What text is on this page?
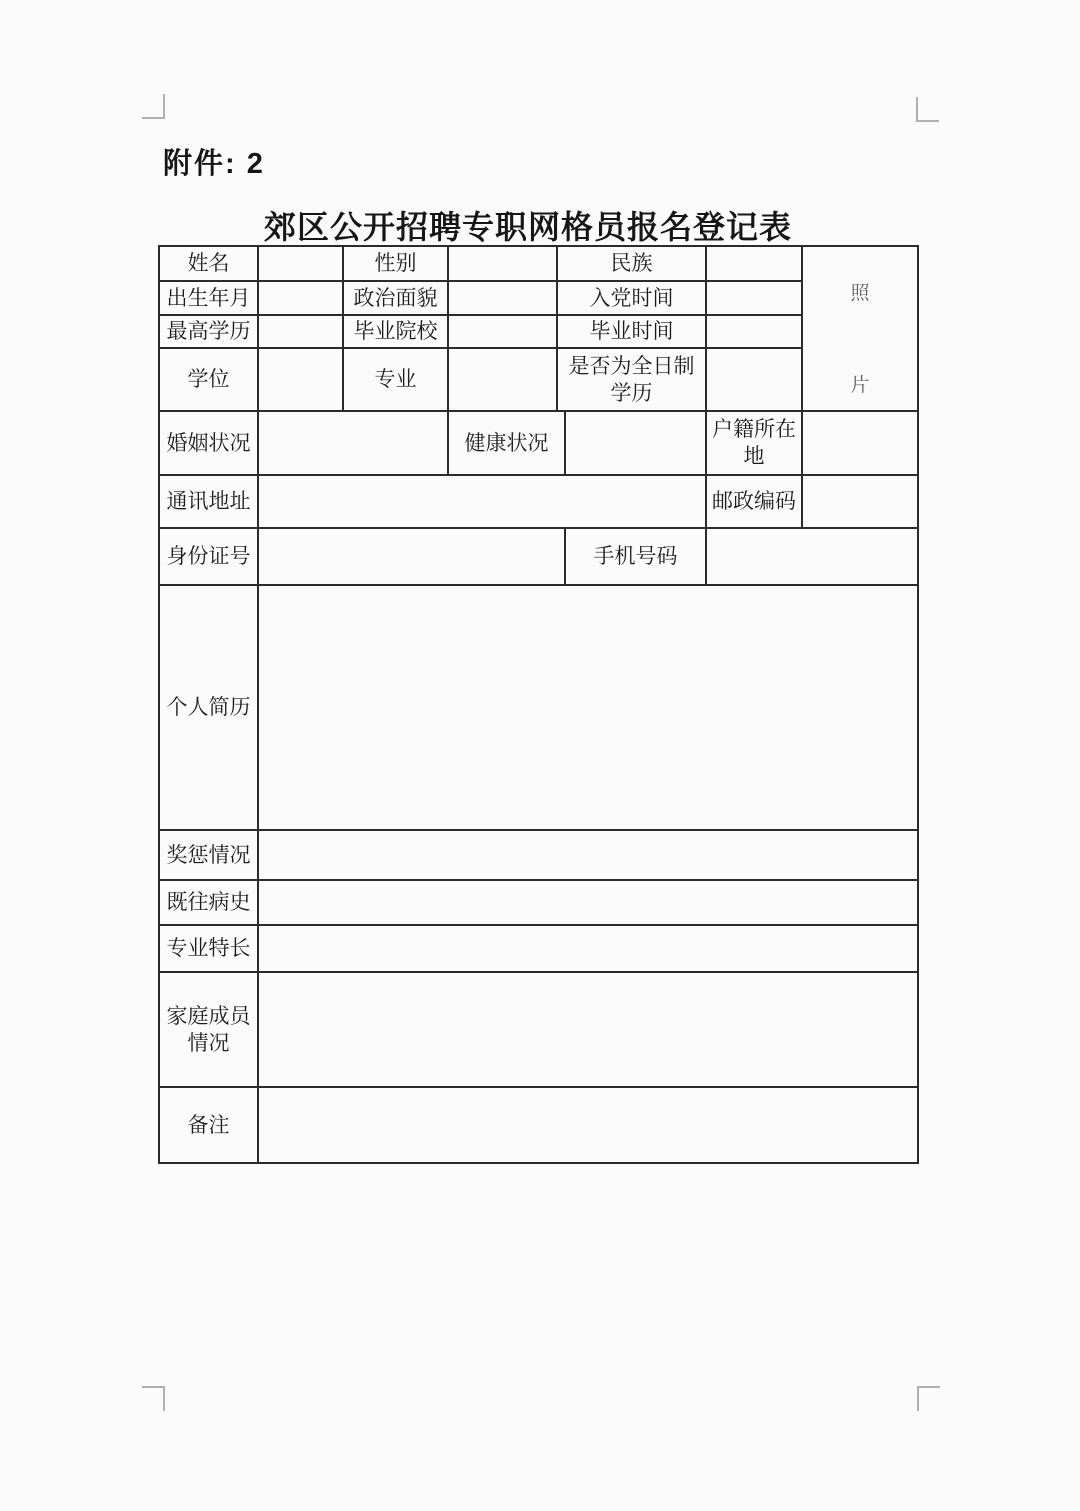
附件: 2
郊区公开招聘专职网格员报名登记表
姓名		性别		民族			照
片

出生年月		政治面貌		入党时间			
最高学历		毕业院校		毕业时间			
学位		专业		是否为全日制
学历			

婚姻状况			健康状况			户籍所在
地	

通讯地址						邮政编码	
身份证号					手机号码		
个人简历							
奖惩情况							
既往病史							
专业特长							

家庭成员
情况							

备注							
